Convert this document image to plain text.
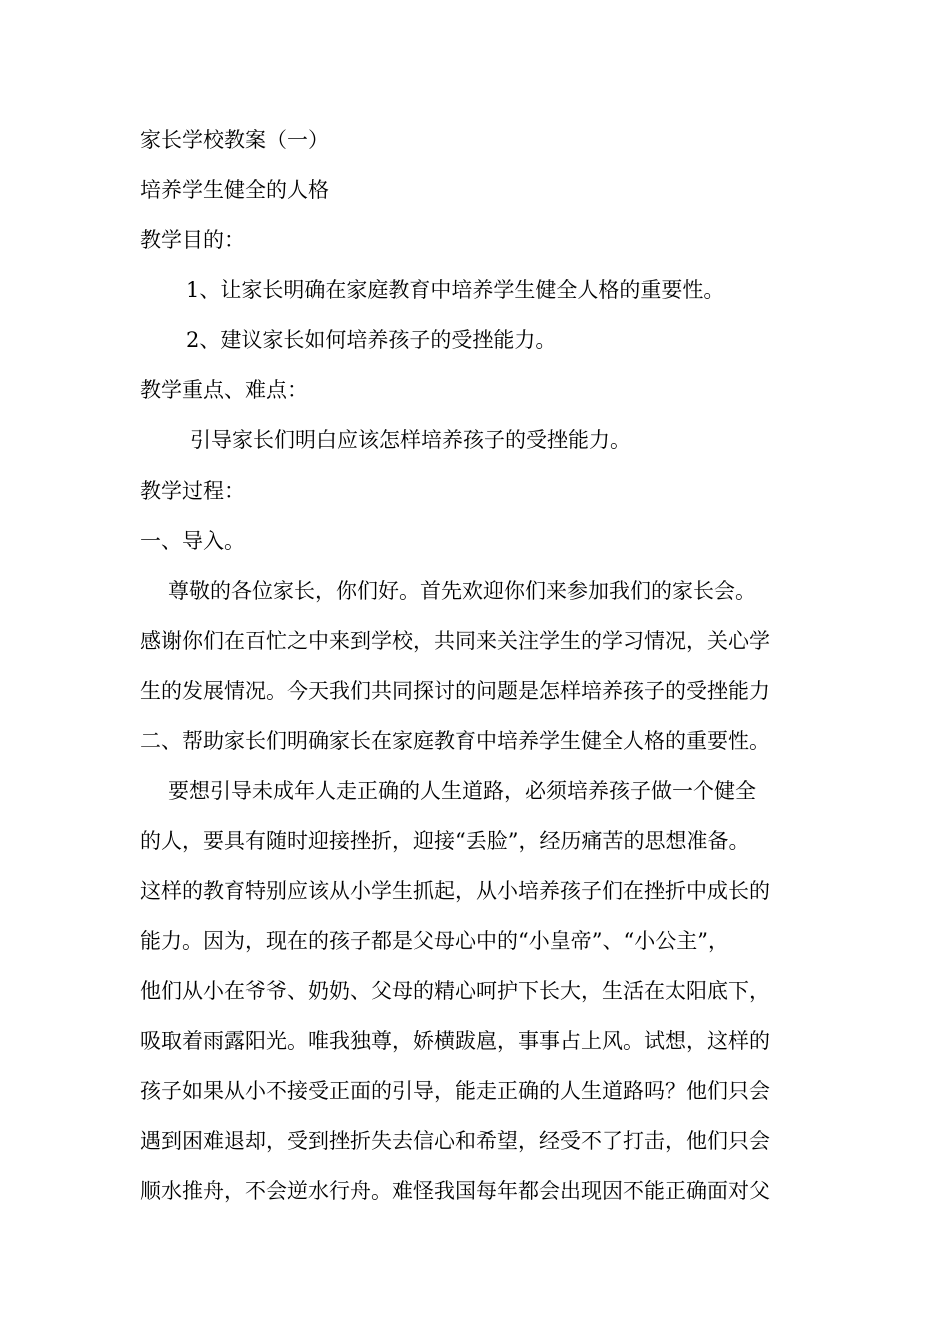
家长学校教案（一）
培养学生健全的人格
教学目的：
1、让家长明确在家庭教育中培养学生健全人格的重要性。
2、建议家长如何培养孩子的受挫能力。
教学重点、难点：
引导家长们明白应该怎样培养孩子的受挫能力。
教学过程：
一、导入。
尊敬的各位家长，你们好。首先欢迎你们来参加我们的家长会。
感谢你们在百忙之中来到学校，共同来关注学生的学习情况，关心学
生的发展情况。今天我们共同探讨的问题是怎样培养孩子的受挫能力
二、帮助家长们明确家长在家庭教育中培养学生健全人格的重要性。
要想引导未成年人走正确的人生道路，必须培养孩子做一个健全
的人，要具有随时迎接挫折，迎接“丢脸”，经历痛苦的思想准备。
这样的教育特别应该从小学生抓起，从小培养孩子们在挫折中成长的
能力。因为，现在的孩子都是父母心中的“小皇帝”、“小公主”，
他们从小在爷爷、奶奶、父母的精心呵护下长大，生活在太阳底下，
吸取着雨露阳光。唯我独尊，娇横跋扈，事事占上风。试想，这样的
孩子如果从小不接受正面的引导，能走正确的人生道路吗？他们只会
遇到困难退却，受到挫折失去信心和希望，经受不了打击，他们只会
顺水推舟，不会逆水行舟。难怪我国每年都会出现因不能正确面对父
